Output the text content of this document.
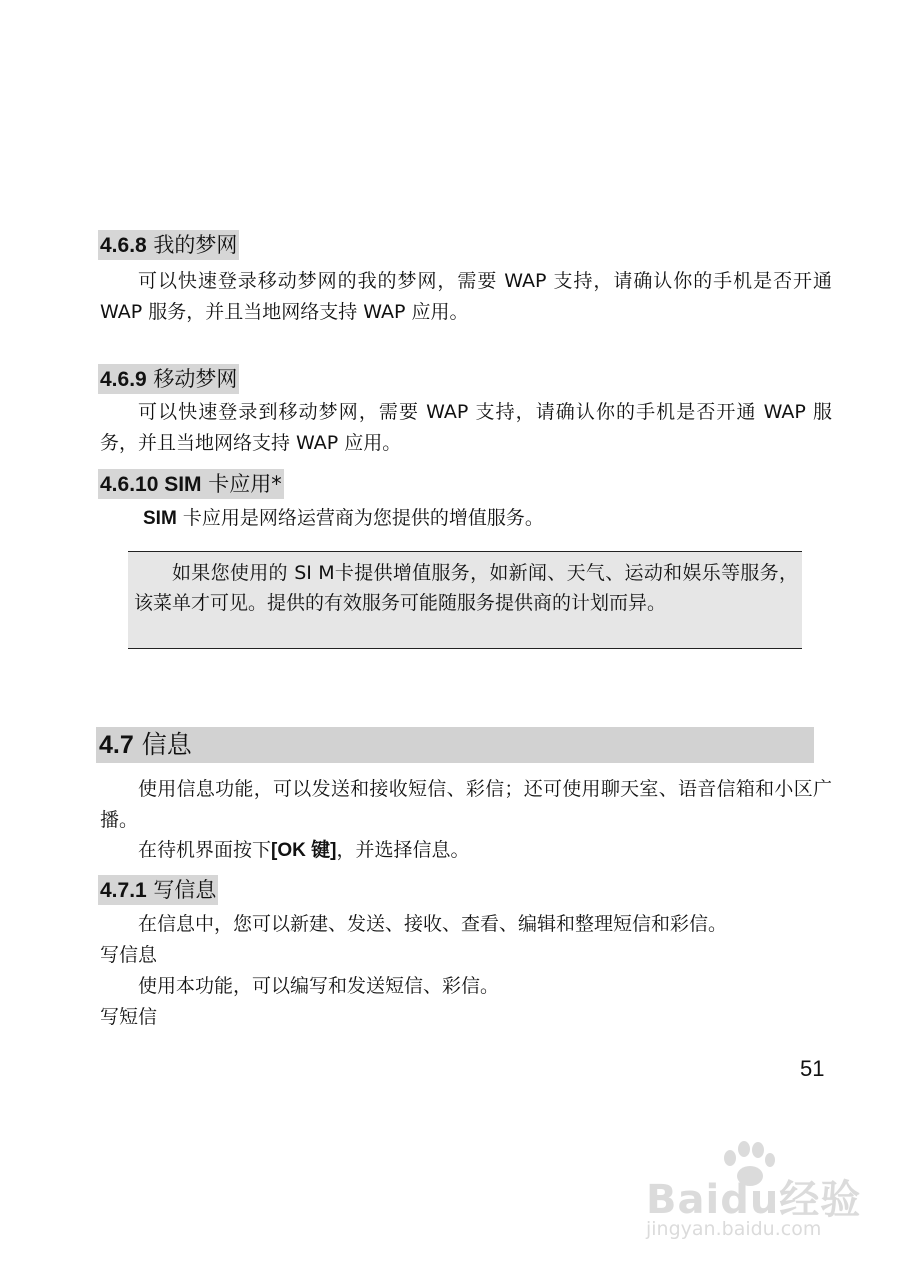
4.6.8 我的梦网

可以快速登录移动梦网的我的梦网，需要 WAP 支持，请确认你的手机是否开通 WAP 服务，并且当地网络支持 WAP 应用。

4.6.9 移动梦网

可以快速登录到移动梦网，需要 WAP 支持，请确认你的手机是否开通 WAP 服务，并且当地网络支持 WAP 应用。

4.6.10 SIM 卡应用*

SIM 卡应用是网络运营商为您提供的增值服务。

如果您使用的 SI M卡提供增值服务，如新闻、天气、运动和娱乐等服务，该菜单才可见。提供的有效服务可能随服务提供商的计划而异。
4.7 信息

使用信息功能，可以发送和接收短信、彩信；还可使用聊天室、语音信箱和小区广播。

在待机界面按下[OK 键]，并选择信息。

4.7.1 写信息

在信息中，您可以新建、发送、接收、查看、编辑和整理短信和彩信。

写信息

使用本功能，可以编写和发送短信、彩信。

写短信

51
Baidu经验
jingyan.baidu.com
